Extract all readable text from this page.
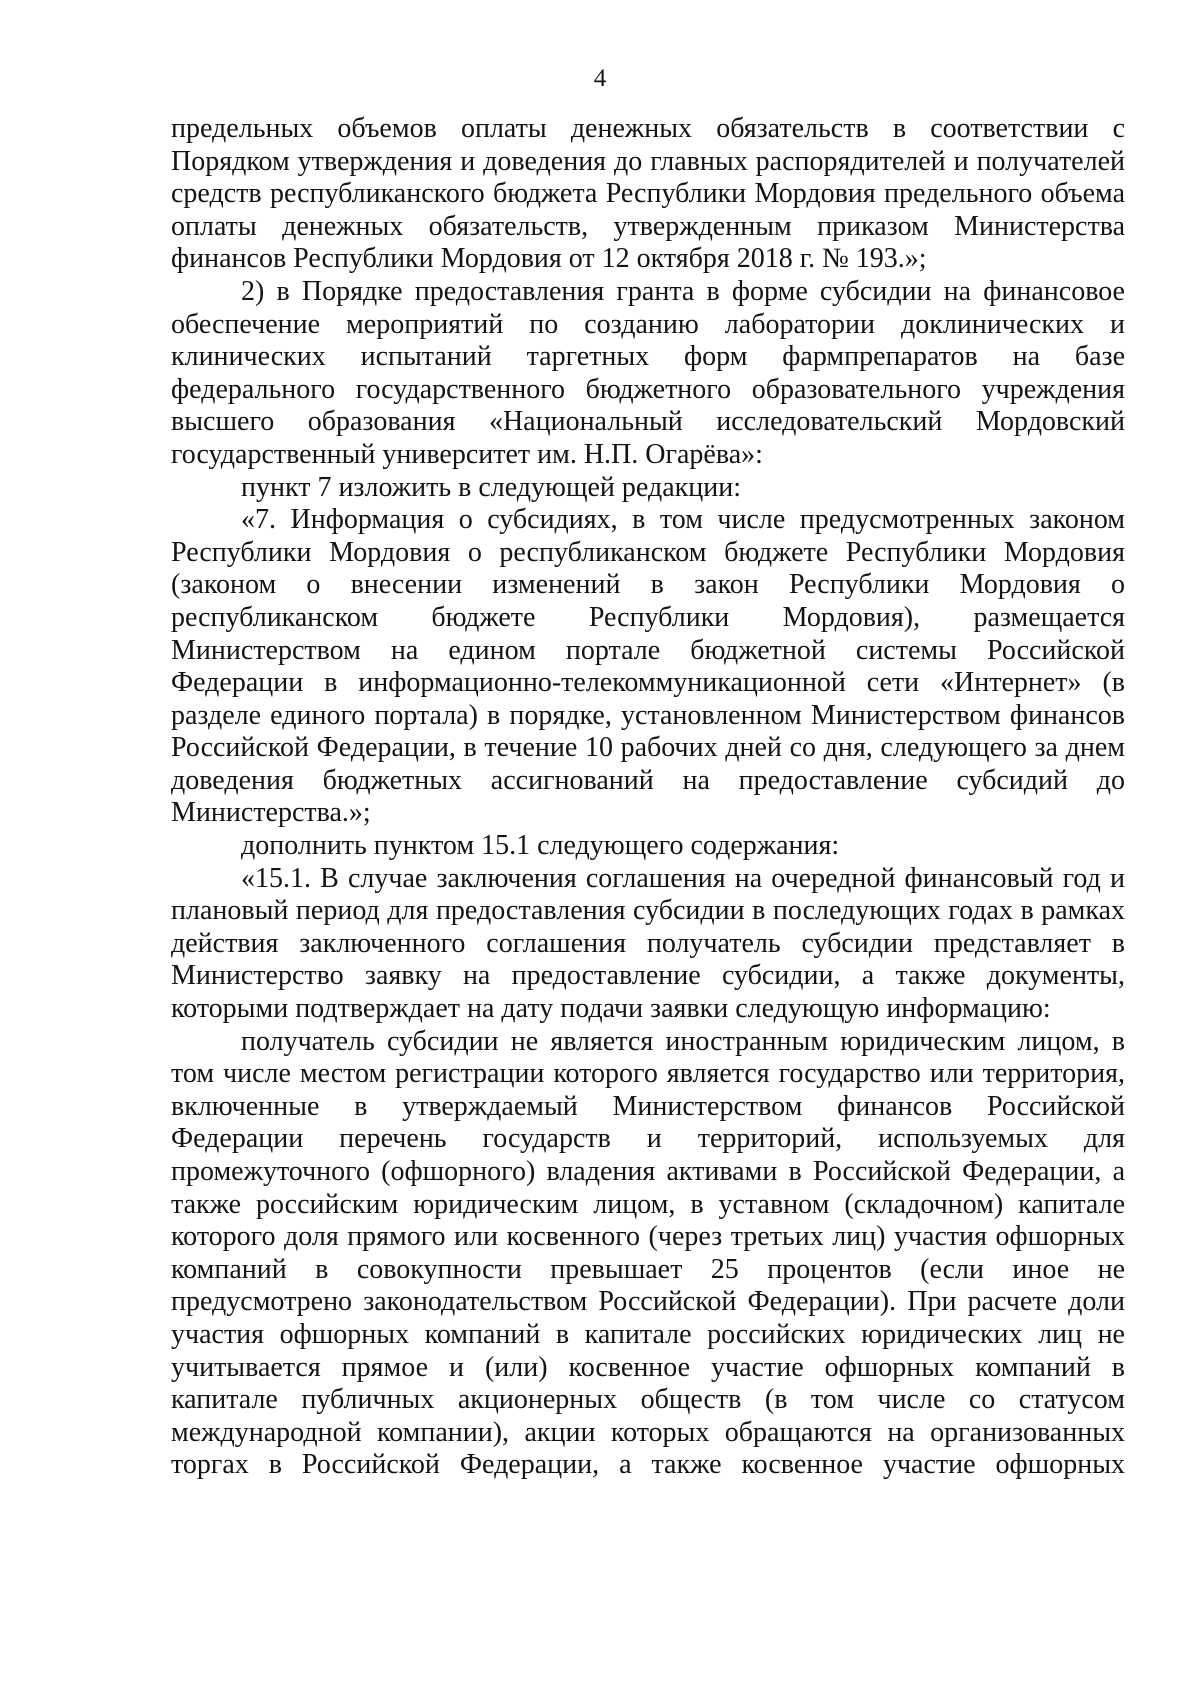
4

предельных объемов оплаты денежных обязательств в соответствии с Порядком утверждения и доведения до главных распорядителей и получателей средств республиканского бюджета Республики Мордовия предельного объема оплаты денежных обязательств, утвержденным приказом Министерства финансов Республики Мордовия от 12 октября 2018 г. № 193.»;

2) в Порядке предоставления гранта в форме субсидии на финансовое обеспечение мероприятий по созданию лаборатории доклинических и клинических испытаний таргетных форм фармпрепаратов на базе федерального государственного бюджетного образовательного учреждения высшего образования «Национальный исследовательский Мордовский государственный университет им. Н.П. Огарёва»:

пункт 7 изложить в следующей редакции:

«7. Информация о субсидиях, в том числе предусмотренных законом Республики Мордовия о республиканском бюджете Республики Мордовия (законом о внесении изменений в закон Республики Мордовия о республиканском бюджете Республики Мордовия), размещается Министерством на едином портале бюджетной системы Российской Федерации в информационно-телекоммуникационной сети «Интернет» (в разделе единого портала) в порядке, установленном Министерством финансов Российской Федерации, в течение 10 рабочих дней со дня, следующего за днем доведения бюджетных ассигнований на предоставление субсидий до Министерства.»;

дополнить пунктом 15.1 следующего содержания:

«15.1. В случае заключения соглашения на очередной финансовый год и плановый период для предоставления субсидии в последующих годах в рамках действия заключенного соглашения получатель субсидии представляет в Министерство заявку на предоставление субсидии, а также документы, которыми подтверждает на дату подачи заявки следующую информацию:

получатель субсидии не является иностранным юридическим лицом, в том числе местом регистрации которого является государство или территория, включенные в утверждаемый Министерством финансов Российской Федерации перечень государств и территорий, используемых для промежуточного (офшорного) владения активами в Российской Федерации, а также российским юридическим лицом, в уставном (складочном) капитале которого доля прямого или косвенного (через третьих лиц) участия офшорных компаний в совокупности превышает 25 процентов (если иное не предусмотрено законодательством Российской Федерации). При расчете доли участия офшорных компаний в капитале российских юридических лиц не учитывается прямое и (или) косвенное участие офшорных компаний в капитале публичных акционерных обществ (в том числе со статусом международной компании), акции которых обращаются на организованных торгах в Российской Федерации, а также косвенное участие офшорных
